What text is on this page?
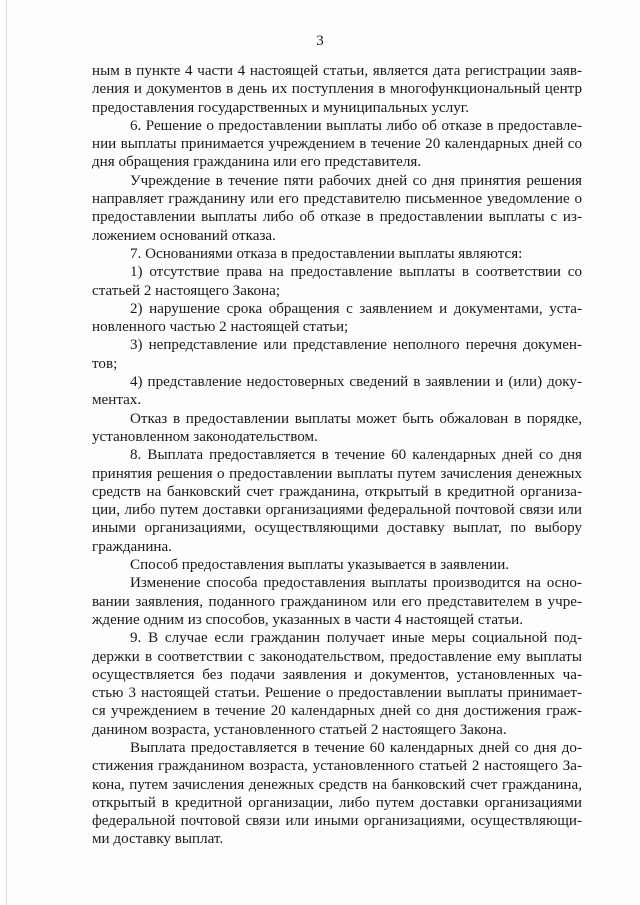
3

ным в пункте 4 части 4 настоящей статьи, является дата регистрации заяв-
ления и документов в день их поступления в многофункциональный центр
предоставления государственных и муниципальных услуг.

6. Решение о предоставлении выплаты либо об отказе в предоставле-
нии выплаты принимается учреждением в течение 20 календарных дней со
дня обращения гражданина или его представителя.

Учреждение в течение пяти рабочих дней со дня принятия решения
направляет гражданину или его представителю письменное уведомление о
предоставлении выплаты либо об отказе в предоставлении выплаты с из-
ложением оснований отказа.

7. Основаниями отказа в предоставлении выплаты являются:

1) отсутствие права на предоставление выплаты в соответствии со
статьей 2 настоящего Закона;

2) нарушение срока обращения с заявлением и документами, уста-
новленного частью 2 настоящей статьи;

3) непредставление или представление неполного перечня докумен-
тов;

4) представление недостоверных сведений в заявлении и (или) доку-
ментах.

Отказ в предоставлении выплаты может быть обжалован в порядке,
установленном законодательством.

8. Выплата предоставляется в течение 60 календарных дней со дня
принятия решения о предоставлении выплаты путем зачисления денежных
средств на банковский счет гражданина, открытый в кредитной организа-
ции, либо путем доставки организациями федеральной почтовой связи или
иными организациями, осуществляющими доставку выплат, по выбору
гражданина.

Способ предоставления выплаты указывается в заявлении.

Изменение способа предоставления выплаты производится на осно-
вании заявления, поданного гражданином или его представителем в учре-
ждение одним из способов, указанных в части 4 настоящей статьи.

9. В случае если гражданин получает иные меры социальной под-
держки в соответствии с законодательством, предоставление ему выплаты
осуществляется без подачи заявления и документов, установленных ча-
стью 3 настоящей статьи. Решение о предоставлении выплаты принимает-
ся учреждением в течение 20 календарных дней со дня достижения граж-
данином возраста, установленного статьей 2 настоящего Закона.

Выплата предоставляется в течение 60 календарных дней со дня до-
стижения гражданином возраста, установленного статьей 2 настоящего За-
кона, путем зачисления денежных средств на банковский счет гражданина,
открытый в кредитной организации, либо путем доставки организациями
федеральной почтовой связи или иными организациями, осуществляющи-
ми доставку выплат.
